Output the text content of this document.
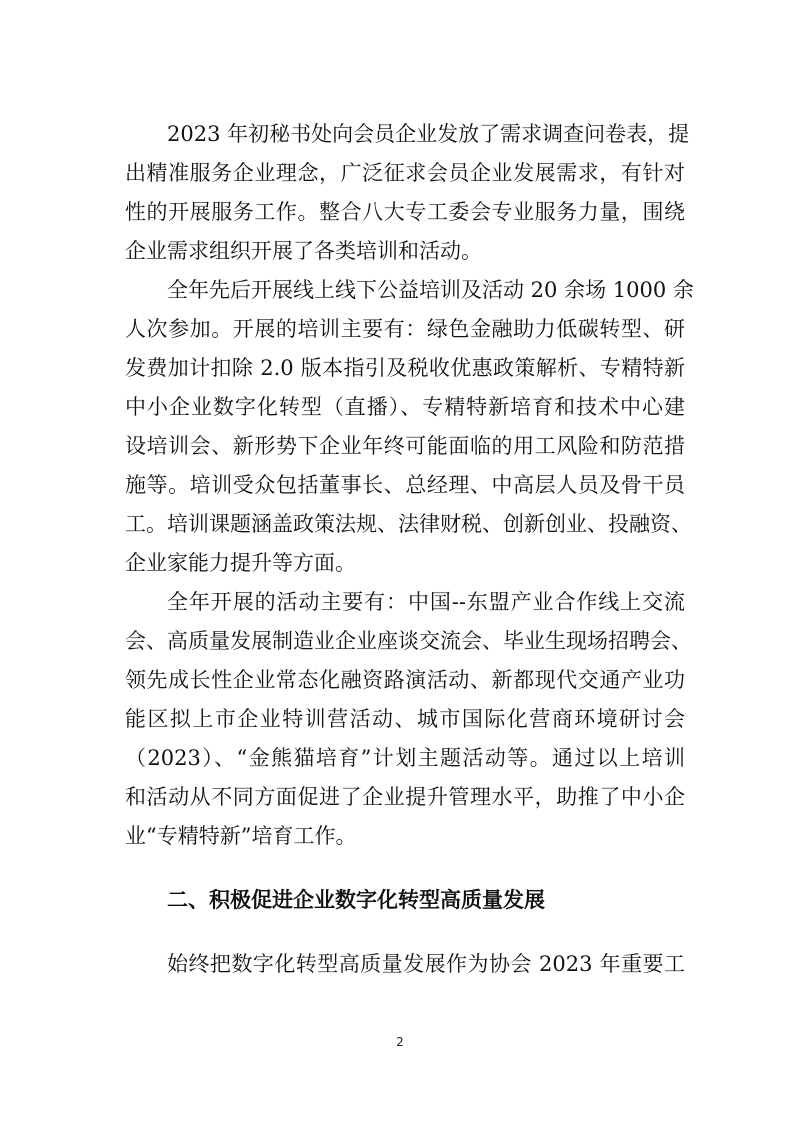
2023 年初秘书处向会员企业发放了需求调查问卷表，提
出精准服务企业理念，广泛征求会员企业发展需求，有针对
性的开展服务工作。整合八大专工委会专业服务力量，围绕
企业需求组织开展了各类培训和活动。
全年先后开展线上线下公益培训及活动 20 余场 1000 余
人次参加。开展的培训主要有：绿色金融助力低碳转型、研
发费加计扣除 2.0 版本指引及税收优惠政策解析、专精特新
中小企业数字化转型（直播）、专精特新培育和技术中心建
设培训会、新形势下企业年终可能面临的用工风险和防范措
施等。培训受众包括董事长、总经理、中高层人员及骨干员
工。培训课题涵盖政策法规、法律财税、创新创业、投融资、
企业家能力提升等方面。
全年开展的活动主要有：中国--东盟产业合作线上交流
会、高质量发展制造业企业座谈交流会、毕业生现场招聘会、
领先成长性企业常态化融资路演活动、新都现代交通产业功
能区拟上市企业特训营活动、城市国际化营商环境研讨会
（2023）、“金熊猫培育”计划主题活动等。通过以上培训
和活动从不同方面促进了企业提升管理水平，助推了中小企
业“专精特新”培育工作。
二、积极促进企业数字化转型高质量发展
始终把数字化转型高质量发展作为协会 2023 年重要工
2
